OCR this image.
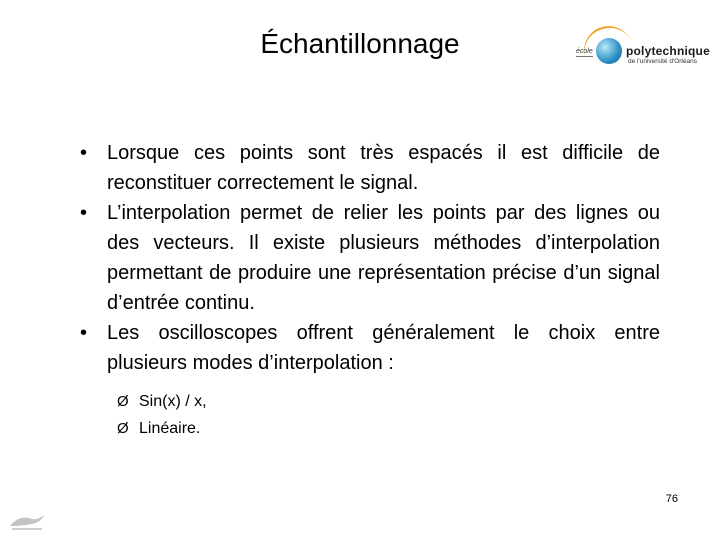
Échantillonnage	école	polytechnique
de l'université d'Orléans
• Lorsque ces points sont très espacés il est difficile de reconstituer correctement le signal.
• L’interpolation permet de relier les points par des lignes ou des vecteurs. Il existe plusieurs méthodes d’interpolation permettant de produire une représentation précise d’un signal d’entrée continu.
• Les oscilloscopes offrent généralement le choix entre plusieurs modes d’interpolation :
Ø Sin(x) / x,
Ø Linéaire.
76
